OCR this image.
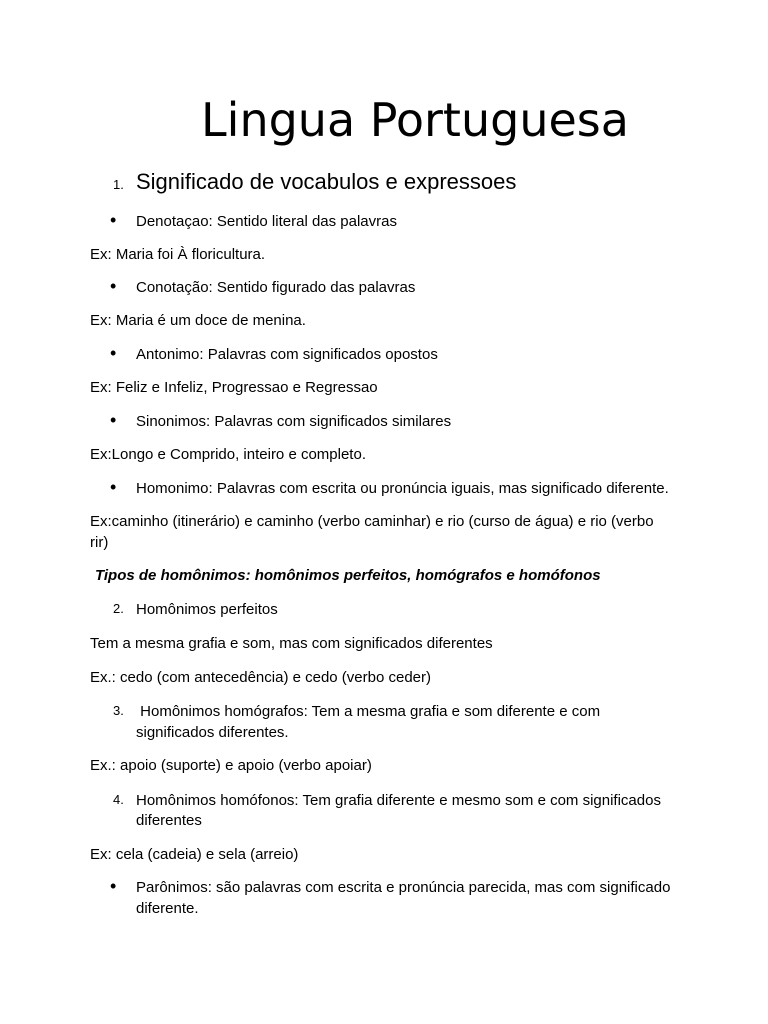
Lingua Portuguesa
1. Significado de vocabulos e expressoes
• Denotaçao: Sentido literal das palavras
Ex: Maria foi À floricultura.
• Conotação: Sentido figurado das palavras
Ex: Maria é um doce de menina.
• Antonimo: Palavras com significados opostos
Ex: Feliz e Infeliz, Progressao e Regressao
• Sinonimos: Palavras com significados similares
Ex:Longo e Comprido, inteiro e completo.
• Homonimo: Palavras com escrita ou pronúncia iguais, mas significado diferente.
Ex:caminho (itinerário) e caminho (verbo caminhar) e rio (curso de água) e rio (verbo
rir)
Tipos de homônimos: homônimos perfeitos, homógrafos e homófonos
2. Homônimos perfeitos
Tem a mesma grafia e som, mas com significados diferentes
Ex.: cedo (com antecedência) e cedo (verbo ceder)
3. Homônimos homógrafos: Tem a mesma grafia e som diferente e com
significados diferentes.
Ex.: apoio (suporte) e apoio (verbo apoiar)
4. Homônimos homófonos: Tem grafia diferente e mesmo som e com significados
diferentes
Ex: cela (cadeia) e sela (arreio)
• Parônimos: são palavras com escrita e pronúncia parecida, mas com significado
diferente.
